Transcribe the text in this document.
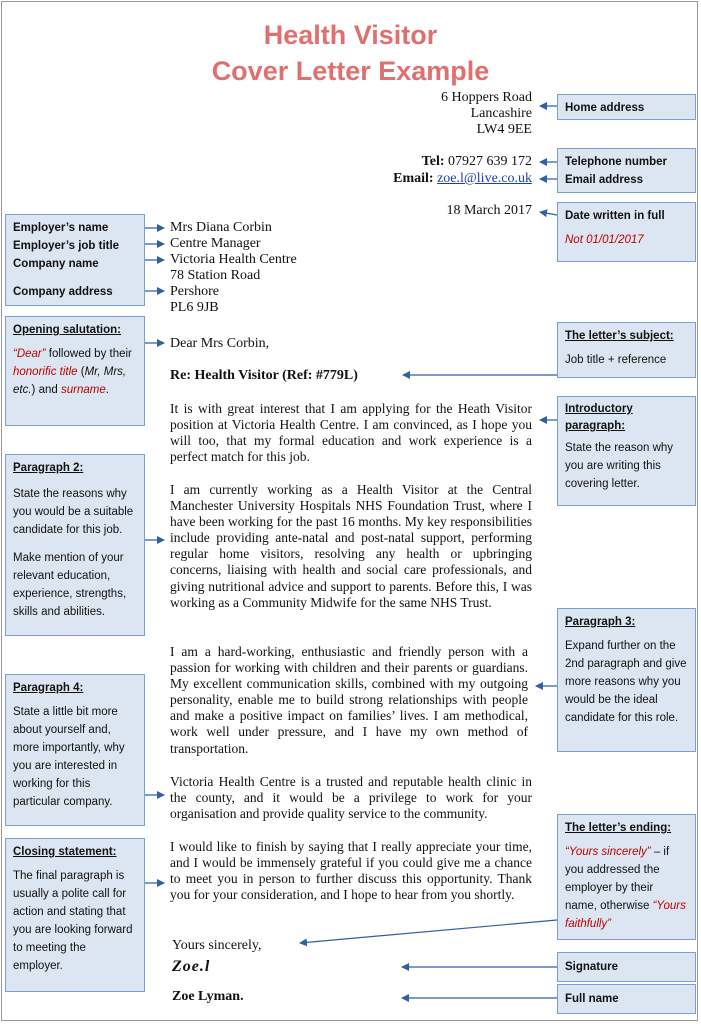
Health Visitor
Cover Letter Example
6 Hoppers Road
Lancashire
LW4 9EE
Tel: 07927 639 172
Email: zoe.l@live.co.uk
18 March 2017
Mrs Diana Corbin
Centre Manager
Victoria Health Centre
78 Station Road
Pershore
PL6 9JB
Dear Mrs Corbin,
Re: Health Visitor (Ref: #779L)
It is with great interest that I am applying for the Heath Visitor position at Victoria Health Centre. I am convinced, as I hope you will too, that my formal education and work experience is a perfect match for this job.
I am currently working as a Health Visitor at the Central Manchester University Hospitals NHS Foundation Trust, where I have been working for the past 16 months. My key responsibilities include providing ante-natal and post-natal support, performing regular home visitors, resolving any health or upbringing concerns, liaising with health and social care professionals, and giving nutritional advice and support to parents. Before this, I was working as a Community Midwife for the same NHS Trust.
I am a hard-working, enthusiastic and friendly person with a passion for working with children and their parents or guardians. My excellent communication skills, combined with my outgoing personality, enable me to build strong relationships with people and make a positive impact on families’ lives. I am methodical, work well under pressure, and I have my own method of transportation.
Victoria Health Centre is a trusted and reputable health clinic in the county, and it would be a privilege to work for your organisation and provide quality service to the community.
I would like to finish by saying that I really appreciate your time, and I would be immensely grateful if you could give me a chance to meet you in person to further discuss this opportunity. Thank you for your consideration, and I hope to hear from you shortly.
Yours sincerely,
Zoe.l
Zoe Lyman.
Home address
Telephone number
Email address
Date written in full
Not 01/01/2017
The letter’s subject:
Job title + reference
Introductory paragraph:
State the reason why you are writing this covering letter.
Paragraph 3:
Expand further on the 2nd paragraph and give more reasons why you would be the ideal candidate for this role.
The letter’s ending:
“Yours sincerely” – if you addressed the employer by their name, otherwise “Yours faithfully”
Signature
Full name
Employer’s name
Employer’s job title
Company name
Company address
Opening salutation:
“Dear” followed by their honorific title (Mr, Mrs, etc.) and surname.
Paragraph 2:
State the reasons why you would be a suitable candidate for this job.
Make mention of your relevant education, experience, strengths, skills and abilities.
Paragraph 4:
State a little bit more about yourself and, more importantly, why you are interested in working for this particular company.
Closing statement:
The final paragraph is usually a polite call for action and stating that you are looking forward to meeting the employer.
